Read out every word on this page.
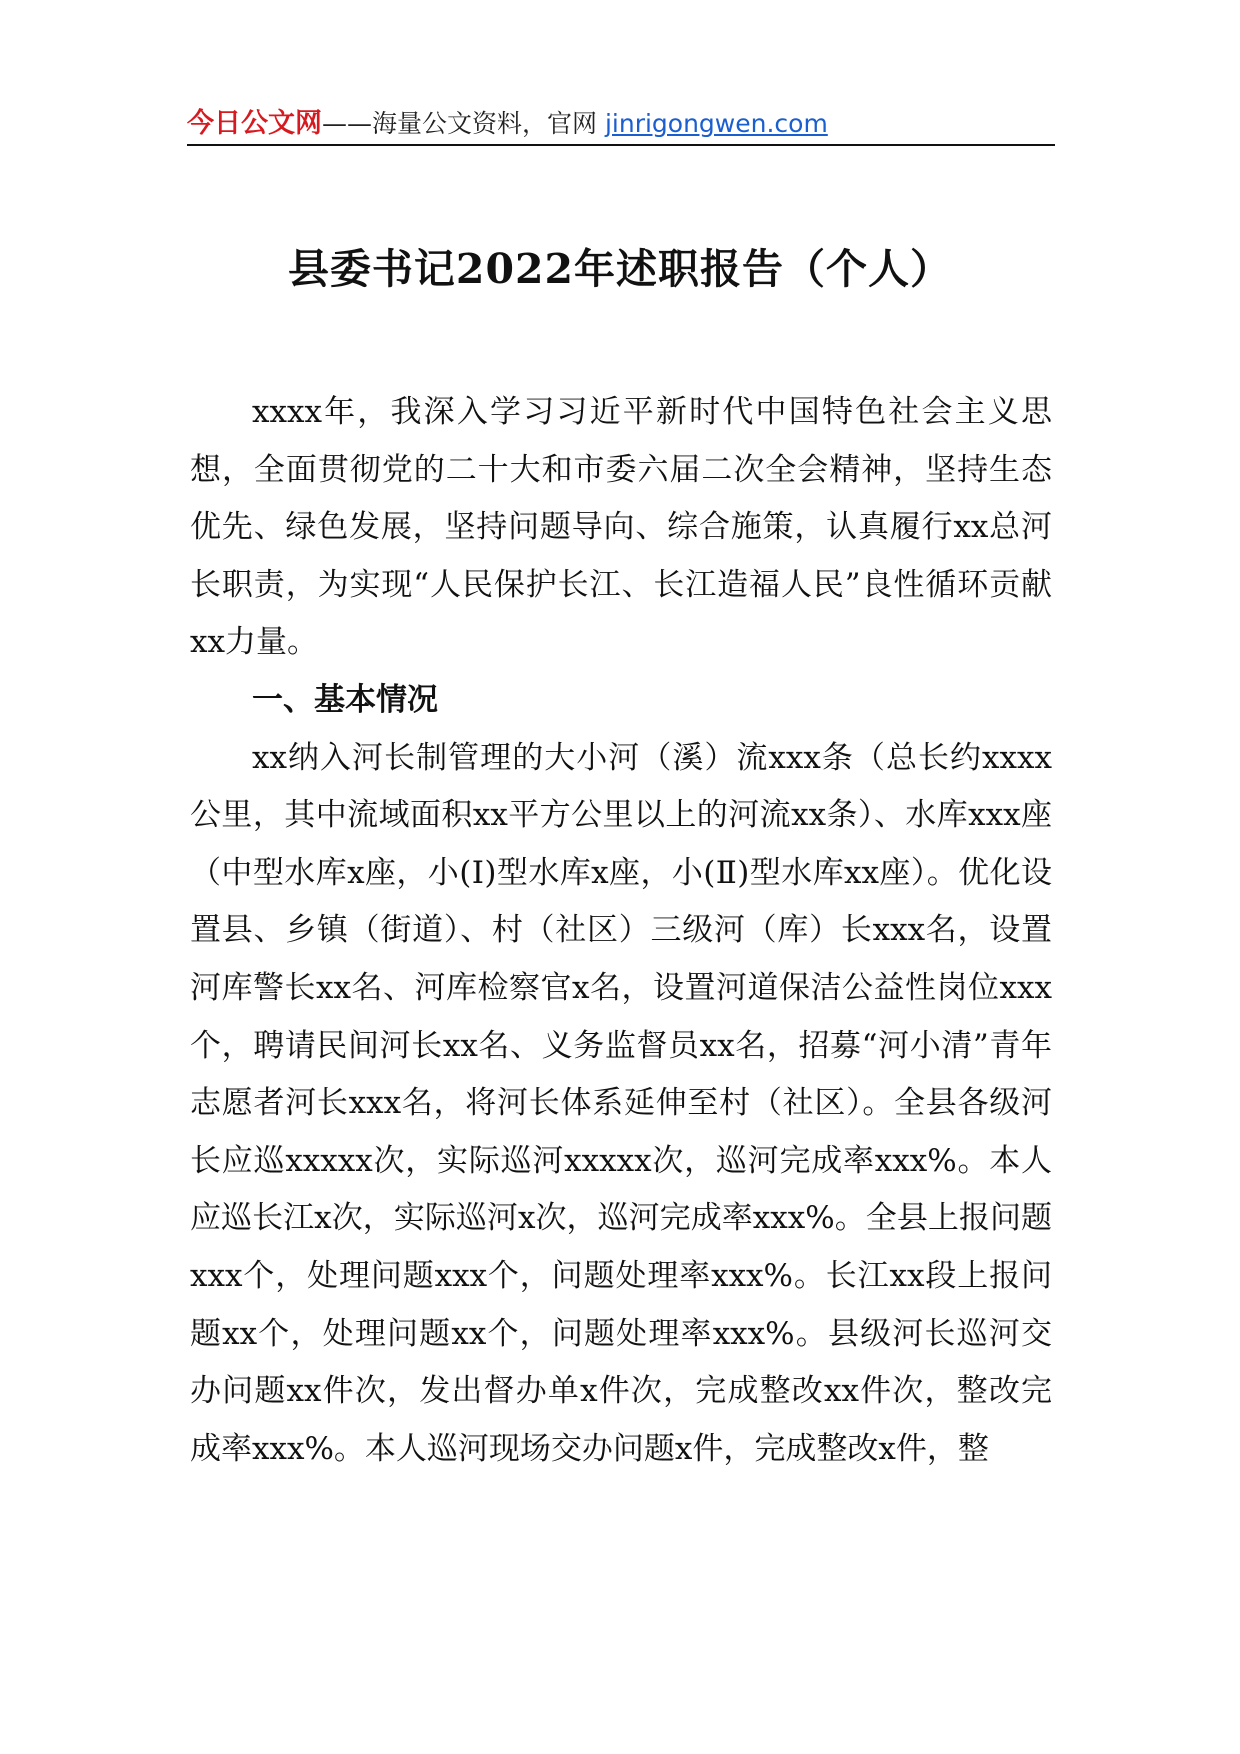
今日公文网——海量公文资料，官网 jinrigongwen.com
县委书记2022年述职报告（个人）

xxxx年，我深入学习习近平新时代中国特色社会主义思想，全面贯彻党的二十大和市委六届二次全会精神，坚持生态优先、绿色发展，坚持问题导向、综合施策，认真履行xx总河长职责，为实现“人民保护长江、长江造福人民”良性循环贡献xx力量。

一、基本情况

xx纳入河长制管理的大小河（溪）流xxx条（总长约xxxx公里，其中流域面积xx平方公里以上的河流xx条）、水库xxx座（中型水库x座，小(Ⅰ)型水库x座，小(Ⅱ)型水库xx座）。优化设置县、乡镇（街道）、村（社区）三级河（库）长xxx名，设置河库警长xx名、河库检察官x名，设置河道保洁公益性岗位xxx个，聘请民间河长xx名、义务监督员xx名，招募“河小清”青年志愿者河长xxx名，将河长体系延伸至村（社区）。全县各级河长应巡xxxxx次，实际巡河xxxxx次，巡河完成率xxx%。本人应巡长江x次，实际巡河x次，巡河完成率xxx%。全县上报问题xxx个，处理问题xxx个，问题处理率xxx%。长江xx段上报问题xx个，处理问题xx个，问题处理率xxx%。县级河长巡河交办问题xx件次，发出督办单x件次，完成整改xx件次，整改完成率xxx%。本人巡河现场交办问题x件，完成整改x件，整
